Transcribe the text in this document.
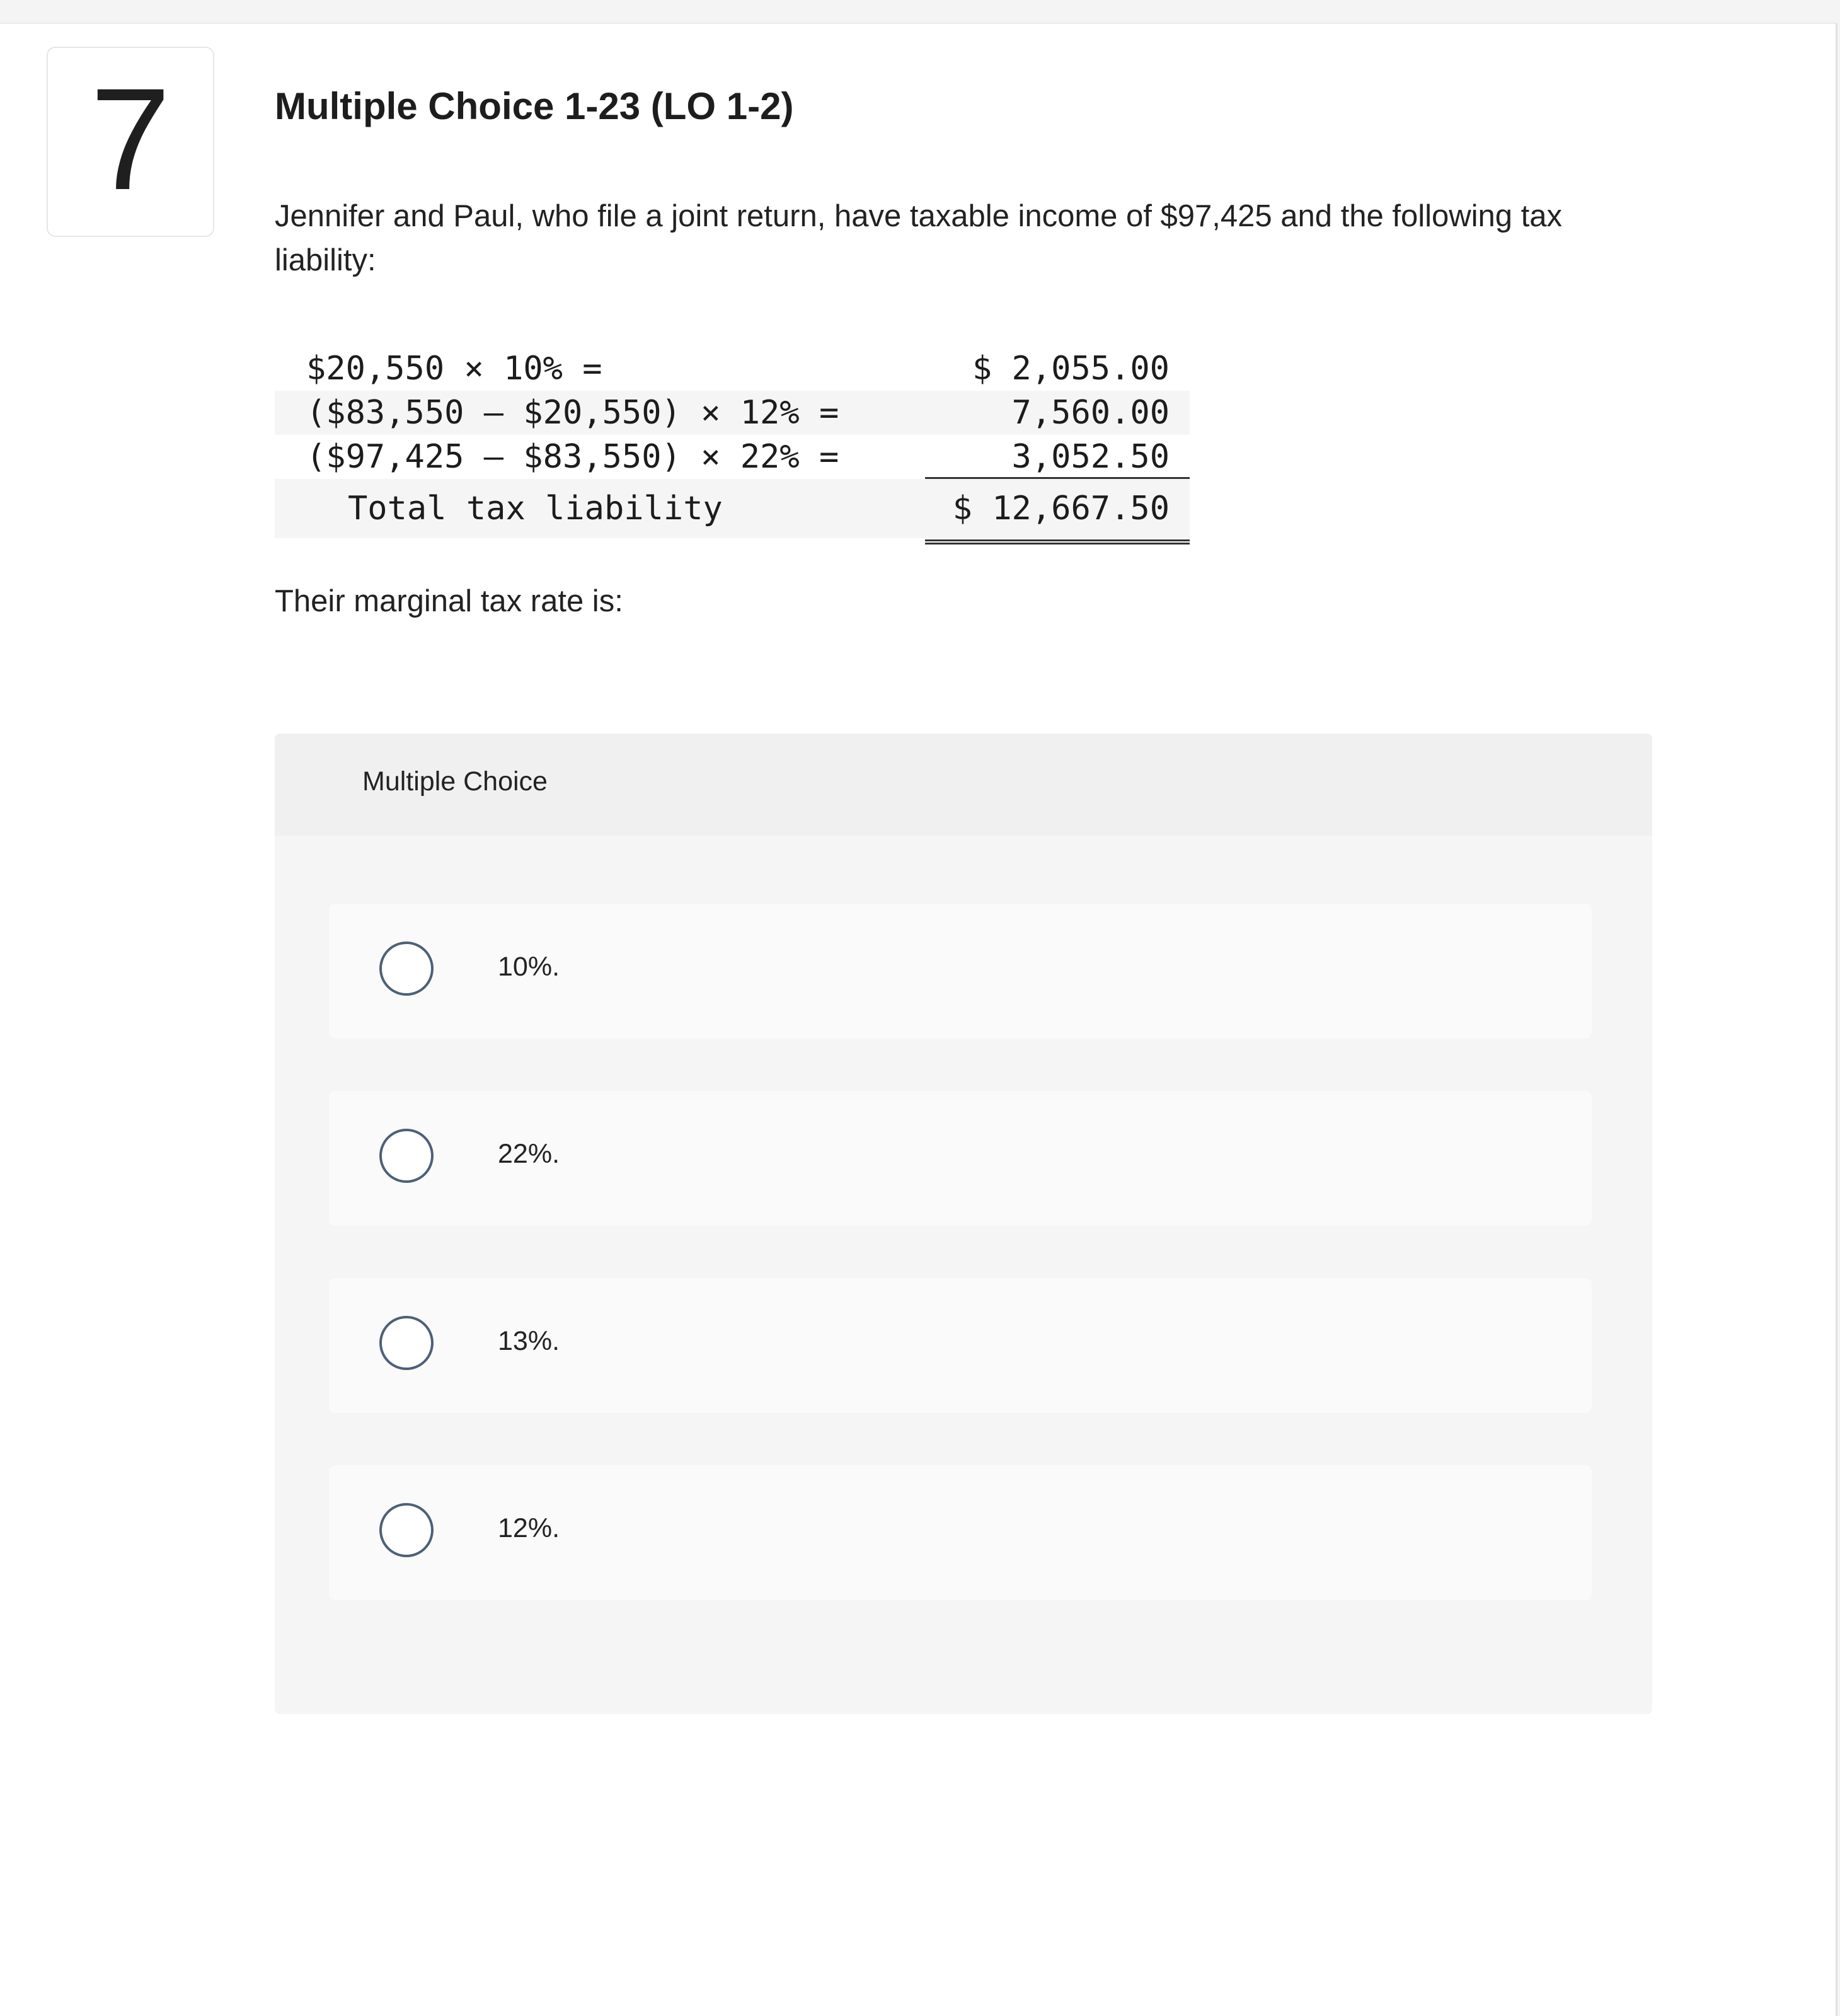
7	Multiple Choice 1-23 (LO 1-2)
Jennifer and Paul, who file a joint return, have taxable income of $97,425 and the following tax liability:
$20,550 × 10% =	$ 2,055.00
($83,550 – $20,550) × 12% =	7,560.00
($97,425 – $83,550) × 22% =	3,052.50
Total tax liability	$ 12,667.50
Their marginal tax rate is:
Multiple Choice
10%.
22%.
13%.
12%.
